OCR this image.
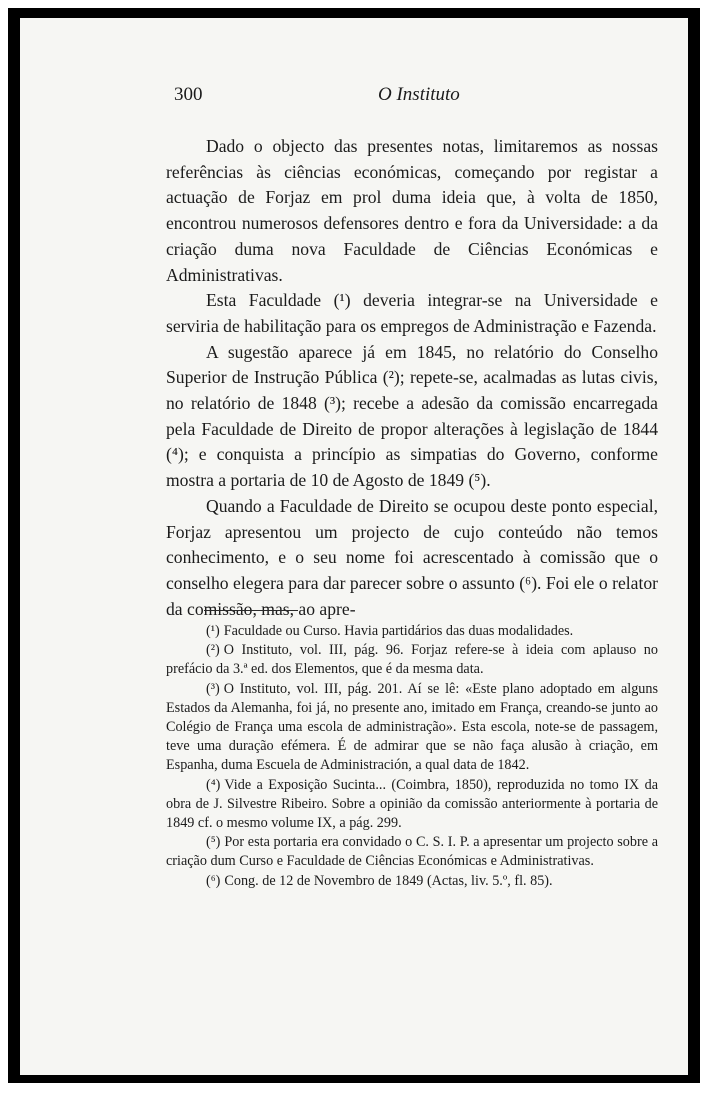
300	O Instituto

Dado o objecto das presentes notas, limitaremos as nossas referências às ciências económicas, começando por registar a actuação de Forjaz em prol duma ideia que, à volta de 1850, encontrou numerosos defensores dentro e fora da Universidade: a da criação duma nova Faculdade de Ciências Económicas e Administrativas.

Esta Faculdade (¹) deveria integrar-se na Universidade e serviria de habilitação para os empregos de Administração e Fazenda.

A sugestão aparece já em 1845, no relatório do Conselho Superior de Instrução Pública (²); repete-se, acalmadas as lutas civis, no relatório de 1848 (³); recebe a adesão da comissão encarregada pela Faculdade de Direito de propor alterações à legislação de 1844 (⁴); e conquista a princípio as simpatias do Governo, conforme mostra a portaria de 10 de Agosto de 1849 (⁵).

Quando a Faculdade de Direito se ocupou deste ponto especial, Forjaz apresentou um projecto de cujo conteúdo não temos conhecimento, e o seu nome foi acrescentado à comissão que o conselho elegera para dar parecer sobre o assunto (⁶). Foi ele o relator da comissão, mas, ao apre-

(¹) Faculdade ou Curso. Havia partidários das duas modalidades.

(²) O Instituto, vol. III, pág. 96. Forjaz refere-se à ideia com aplauso no prefácio da 3.ª ed. dos Elementos, que é da mesma data.

(³) O Instituto, vol. III, pág. 201. Aí se lê: «Este plano adoptado em alguns Estados da Alemanha, foi já, no presente ano, imitado em França, creando-se junto ao Colégio de França uma escola de administração». Esta escola, note-se de passagem, teve uma duração efémera. É de admirar que se não faça alusão à criação, em Espanha, duma Escuela de Administración, a qual data de 1842.

(⁴) Vide a Exposição Sucinta... (Coimbra, 1850), reproduzida no tomo IX da obra de J. Silvestre Ribeiro. Sobre a opinião da comissão anteriormente à portaria de 1849 cf. o mesmo volume IX, a pág. 299.

(⁵) Por esta portaria era convidado o C. S. I. P. a apresentar um projecto sobre a criação dum Curso e Faculdade de Ciências Económicas e Administrativas.

(⁶) Cong. de 12 de Novembro de 1849 (Actas, liv. 5.º, fl. 85).
